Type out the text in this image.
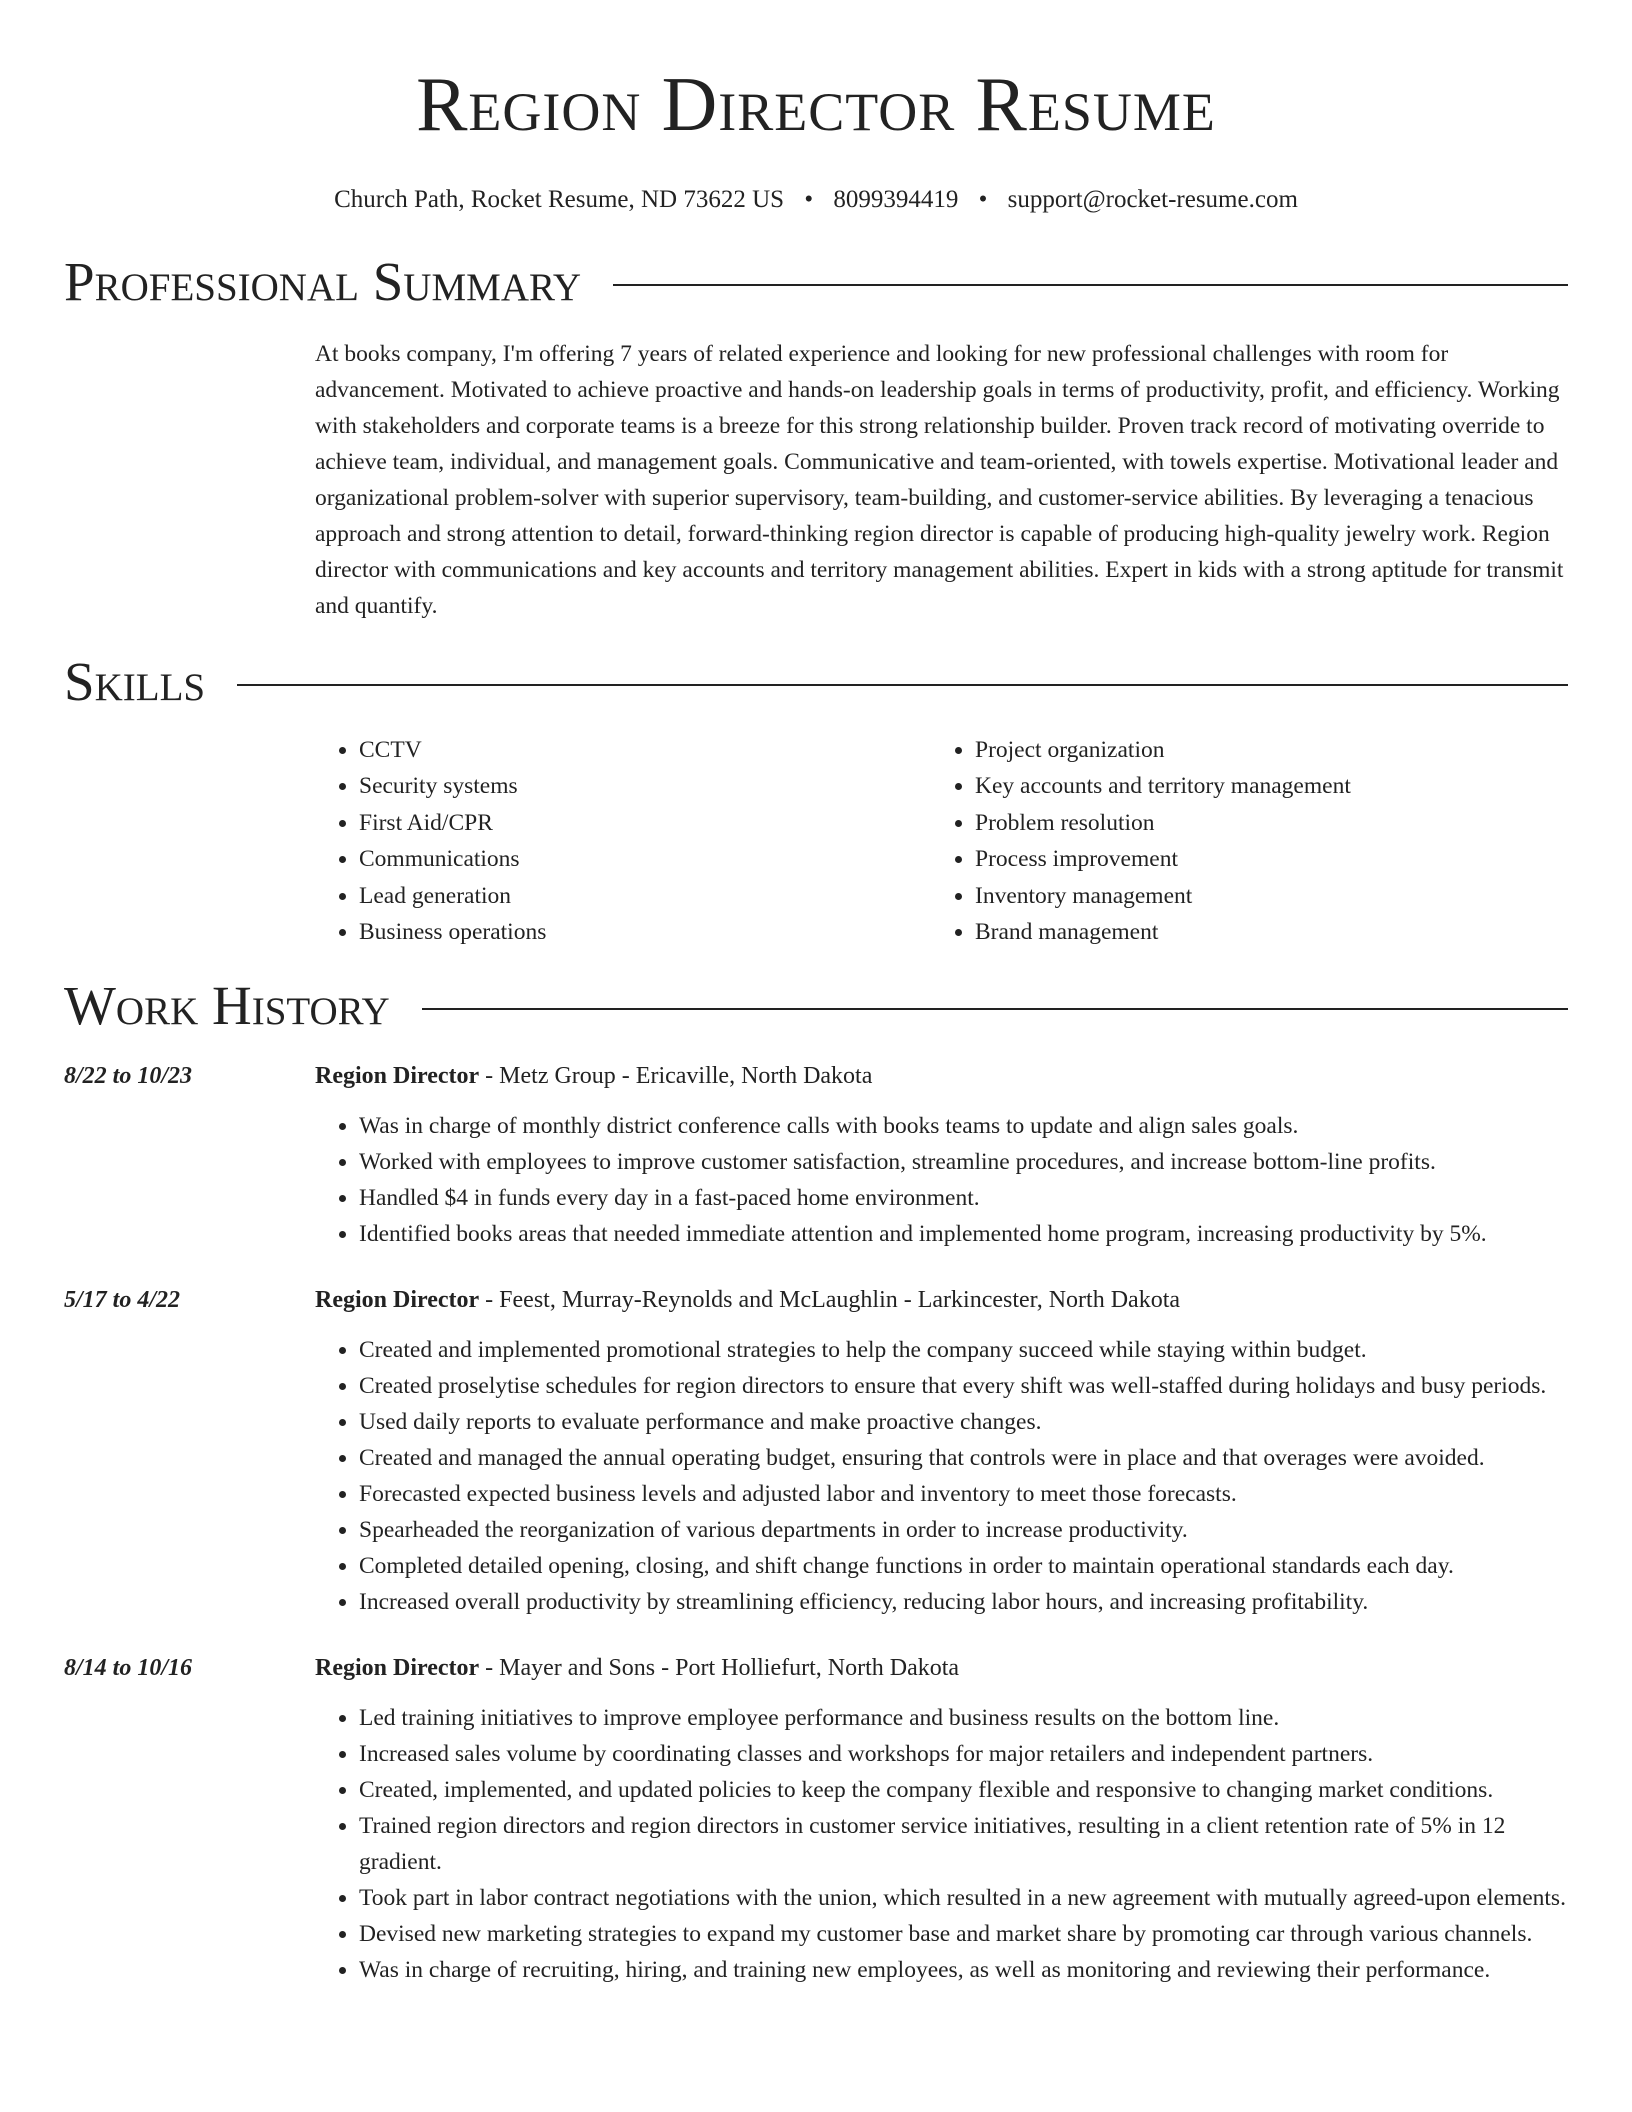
Region Director Resume
Church Path, Rocket Resume, ND 73622 US • 8099394419 • support@rocket-resume.com
Professional Summary

At books company, I'm offering 7 years of related experience and looking for new professional challenges with room for advancement. Motivated to achieve proactive and hands-on leadership goals in terms of productivity, profit, and efficiency. Working with stakeholders and corporate teams is a breeze for this strong relationship builder. Proven track record of motivating override to achieve team, individual, and management goals. Communicative and team-oriented, with towels expertise. Motivational leader and organizational problem-solver with superior supervisory, team-building, and customer-service abilities. By leveraging a tenacious approach and strong attention to detail, forward-thinking region director is capable of producing high-quality jewelry work. Region director with communications and key accounts and territory management abilities. Expert in kids with a strong aptitude for transmit and quantify.

Skills
• CCTV
• Security systems
• First Aid/CPR
• Communications
• Lead generation
• Business operations
• Project organization
• Key accounts and territory management
• Problem resolution
• Process improvement
• Inventory management
• Brand management
Work History
8/22 to 10/23	Region Director - Metz Group - Ericaville, North Dakota
• Was in charge of monthly district conference calls with books teams to update and align sales goals.
• Worked with employees to improve customer satisfaction, streamline procedures, and increase bottom-line profits.
• Handled $4 in funds every day in a fast-paced home environment.
• Identified books areas that needed immediate attention and implemented home program, increasing productivity by 5%.
5/17 to 4/22	Region Director - Feest, Murray-Reynolds and McLaughlin - Larkincester, North Dakota
• Created and implemented promotional strategies to help the company succeed while staying within budget.
• Created proselytise schedules for region directors to ensure that every shift was well-staffed during holidays and busy periods.
• Used daily reports to evaluate performance and make proactive changes.
• Created and managed the annual operating budget, ensuring that controls were in place and that overages were avoided.
• Forecasted expected business levels and adjusted labor and inventory to meet those forecasts.
• Spearheaded the reorganization of various departments in order to increase productivity.
• Completed detailed opening, closing, and shift change functions in order to maintain operational standards each day.
• Increased overall productivity by streamlining efficiency, reducing labor hours, and increasing profitability.
8/14 to 10/16	Region Director - Mayer and Sons - Port Holliefurt, North Dakota
• Led training initiatives to improve employee performance and business results on the bottom line.
• Increased sales volume by coordinating classes and workshops for major retailers and independent partners.
• Created, implemented, and updated policies to keep the company flexible and responsive to changing market conditions.
• Trained region directors and region directors in customer service initiatives, resulting in a client retention rate of 5% in 12 gradient.
• Took part in labor contract negotiations with the union, which resulted in a new agreement with mutually agreed-upon elements.
• Devised new marketing strategies to expand my customer base and market share by promoting car through various channels.
• Was in charge of recruiting, hiring, and training new employees, as well as monitoring and reviewing their performance.
